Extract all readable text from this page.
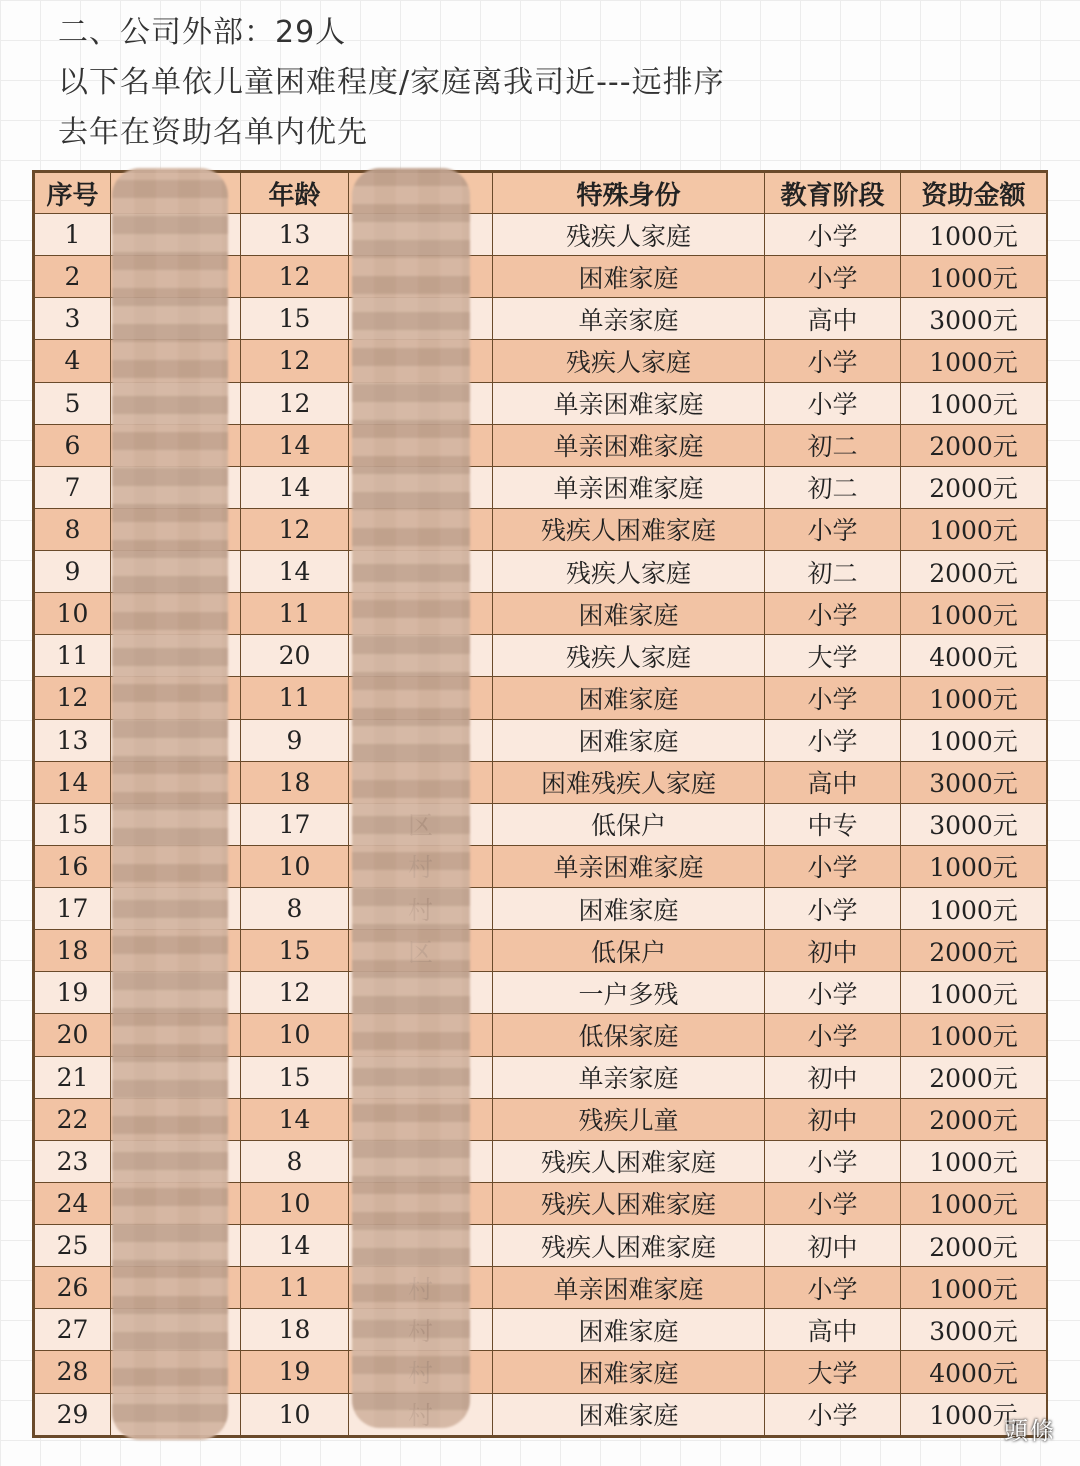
二、公司外部：29人
以下名单依儿童困难程度/家庭离我司近---远排序
去年在资助名单内优先
序号		年龄		特殊身份	教育阶段	资助金额
1		13		残疾人家庭	小学	1000元
2		12		困难家庭	小学	1000元
3		15		单亲家庭	高中	3000元
4		12		残疾人家庭	小学	1000元
5		12		单亲困难家庭	小学	1000元
6		14		单亲困难家庭	初二	2000元
7		14		单亲困难家庭	初二	2000元
8		12		残疾人困难家庭	小学	1000元
9		14		残疾人家庭	初二	2000元
10		11		困难家庭	小学	1000元
11		20		残疾人家庭	大学	4000元
12		11		困难家庭	小学	1000元
13		9		困难家庭	小学	1000元
14		18		困难残疾人家庭	高中	3000元
15		17		低保户	中专	3000元
16		10		单亲困难家庭	小学	1000元
17		8		困难家庭	小学	1000元
18		15		低保户	初中	2000元
19		12		一户多残	小学	1000元
20		10		低保家庭	小学	1000元
21		15		单亲家庭	初中	2000元
22		14		残疾儿童	初中	2000元
23		8		残疾人困难家庭	小学	1000元
24		10		残疾人困难家庭	小学	1000元
25		14		残疾人困难家庭	初中	2000元
26		11		单亲困难家庭	小学	1000元
27		18		困难家庭	高中	3000元
28		19		困难家庭	大学	4000元
29		10		困难家庭	小学	1000元
頭條
